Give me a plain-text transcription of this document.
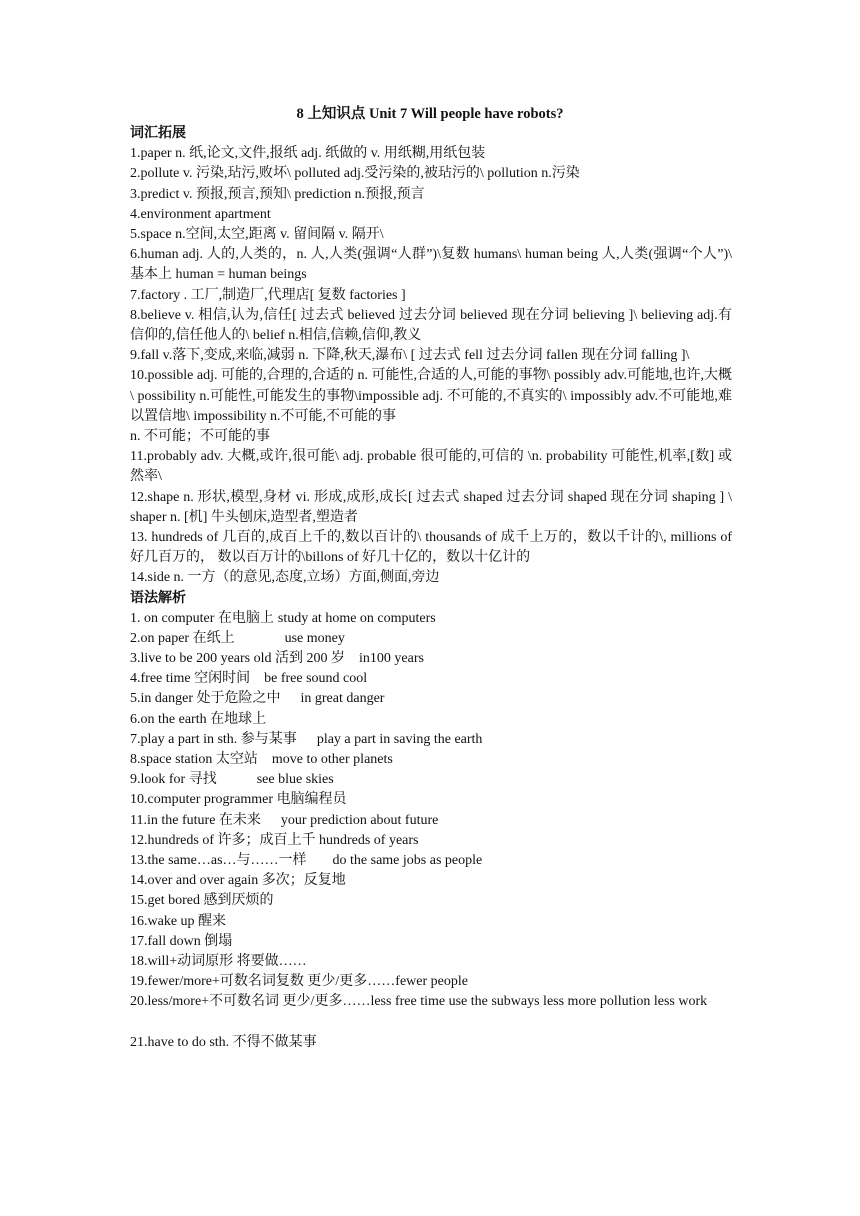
8 上知识点 Unit 7 Will people have robots?
词汇拓展
1.paper n. 纸,论文,文件,报纸 adj. 纸做的 v. 用纸糊,用纸包装
2.pollute v. 污染,玷污,败坏\ polluted adj.受污染的,被玷污的\ pollution n.污染
3.predict v. 预报,预言,预知\ prediction n.预报,预言
4.environment apartment
5.space n.空间,太空,距离 v. 留间隔 v. 隔开\
6.human adj. 人的,人类的，n. 人,人类(强调“人群”)\复数 humans\ human being 人,人类(强调“个人”)\ 基本上 human = human beings
7.factory . 工厂,制造厂,代理店[ 复数 factories ]
8.believe v. 相信,认为,信任[ 过去式 believed 过去分词 believed 现在分词 believing ]\ believing adj.有信仰的,信任他人的\ belief n.相信,信赖,信仰,教义
9.fall v.落下,变成,来临,减弱 n. 下降,秋天,瀑布\ [ 过去式 fell 过去分词 fallen 现在分词 falling ]\
10.possible adj. 可能的,合理的,合适的 n. 可能性,合适的人,可能的事物\ possibly adv.可能地,也许,大概\ possibility n.可能性,可能发生的事物\impossible adj. 不可能的,不真实的\ impossibly adv.不可能地,难以置信地\ impossibility n.不可能,不可能的事
n. 不可能；不可能的事
11.probably adv. 大概,或许,很可能\ adj. probable 很可能的,可信的 \n. probability 可能性,机率,[数] 或然率\
12.shape n. 形状,模型,身材 vi. 形成,成形,成长[ 过去式 shaped 过去分词 shaped 现在分词 shaping ] \ shaper n. [机] 牛头刨床,造型者,塑造者
13. hundreds of 几百的,成百上千的,数以百计的\ thousands of 成千上万的，数以千计的\, millions of 好几百万的， 数以百万计的\billons of 好几十亿的，数以十亿计的
14.side n. 一方（的意见,态度,立场）方面,侧面,旁边
语法解析
1. on computer 在电脑上 study at home on computers
2.on paper 在纸上	use money
3.live to be 200 years old 活到 200 岁 in100 years
4.free time 空闲时间 be free sound cool
5.in danger 处于危险之中 in great danger
6.on the earth 在地球上
7.play a part in sth. 参与某事 play a part in saving the earth
8.space station 太空站 move to other planets
9.look for 寻找	see blue skies
10.computer programmer 电脑编程员
11.in the future 在未来 your prediction about future
12.hundreds of 许多；成百上千 hundreds of years
13.the same…as…与……一样 do the same jobs as people
14.over and over again 多次；反复地
15.get bored 感到厌烦的
16.wake up 醒来
17.fall down 倒塌
18.will+动词原形 将要做……
19.fewer/more+可数名词复数 更少/更多……fewer people
20.less/more+不可数名词 更少/更多……less free time use the subways less more pollution less work
21.have to do sth. 不得不做某事
